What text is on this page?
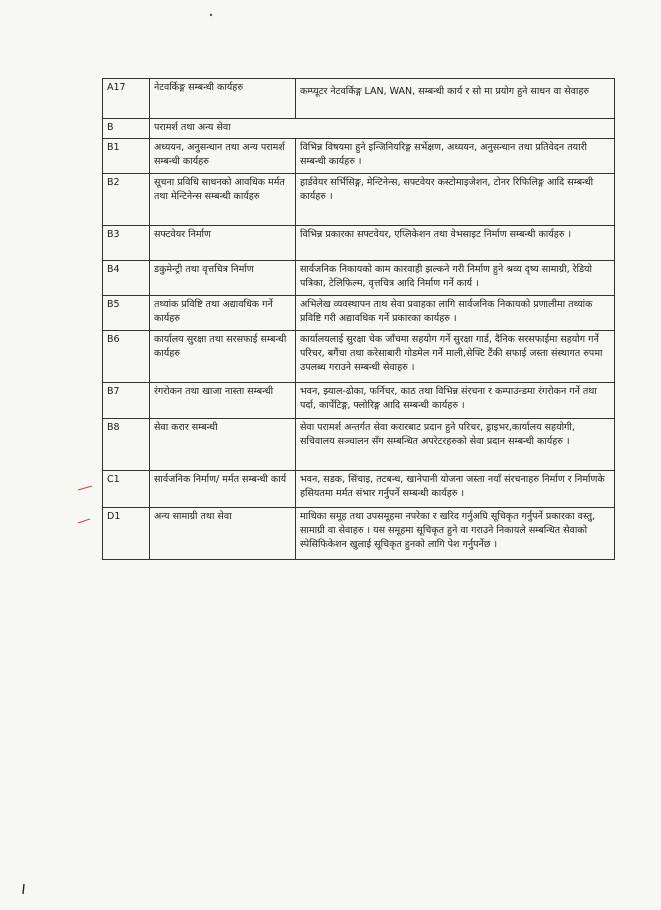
A17	नेटवर्किङ्ग सम्बन्धी कार्यहरु	कम्प्यूटर नेटवर्किङ्ग LAN, WAN, सम्बन्धी कार्य र सो मा प्रयोग हुने साधन वा सेवाहरु
B	परामर्श तथा अन्य सेवा	
B1	अध्ययन, अनुसन्धान तथा अन्य परामर्श सम्बन्धी कार्यहरु	विभिन्न विषयमा हुने इन्जिनियरिङ्ग सर्भेक्षण, अध्ययन, अनुसन्धान तथा प्रतिवेदन तयारी सम्बन्धी कार्यहरु ।
B2	सूचना प्रविधि साधनको आवधिक मर्मत तथा मेन्टिनेन्स सम्बन्धी कार्यहरु	हार्डवेयर सर्भिसिङ्ग, मेन्टिनेन्स, सफ्टवेयर कस्टोमाइजेशन, टोनर रिफिलिङ्ग आदि सम्बन्धी कार्यहरु ।
B3	सफ्टवेयर निर्माण	विभिन्न प्रकारका सफ्टवेयर, एप्लिकेशन तथा वेभसाइट निर्माण सम्बन्धी कार्यहरु ।
B4	डकुमेन्ट्री तथा वृत्तचित्र निर्माण	सार्वजनिक निकायको काम कारवाही झल्कने गरी निर्माण हुने श्रव्य दृष्य सामाग्री, रेडियो पत्रिका, टेलिफिल्म, वृत्तचित्र आदि निर्माण गर्ने कार्य ।
B5	तथ्यांक प्रविष्टि तथा अद्यावधिक गर्ने कार्यहरु	अभिलेख व्यवस्थापन ताथ सेवा प्रवाहका लागि सार्वजनिक निकायको प्रणालीमा तथ्यांक प्रविष्टि गरी अद्यावधिक गर्ने प्रकारका कार्यहरु ।
B6	कार्यालय सुरक्षा तथा सरसफाई सम्बन्धी कार्यहरु	कार्यालयलाई सुरक्षा चेक जाँचमा सहयोग गर्ने सुरक्षा गार्ड, दैनिक सरसफाईमा सहयोग गर्ने परिचर, बगैंचा तथा करेसाबारी गोडमेल गर्ने माली,सेफ्टि टैंकी सफाई जस्ता संस्थागत रुपमा उपलब्ध गराउने सम्बन्धी सेवाहरु ।
B7	रंगरोकन तथा खाजा नास्ता सम्बन्धी	भवन, झ्याल-ढोका, फर्निचर, काठ तथा विभिन्न संरचना र कम्पाउन्डमा रंगरोकन गर्ने तथा पर्दा, कार्पेटिङ्ग, फ्लोरिङ्ग आदि सम्बन्धी कार्यहरु ।
B8	सेवा करार सम्बन्धी	सेवा परामर्श अन्तर्गत सेवा करारबाट प्रदान हुने परिचर, ड्राइभर,कार्यालय सहयोगी, सचिवालय सञ्चालन सँग सम्बन्धित अपरेटरहरुको सेवा प्रदान सम्बन्धी कार्यहरु ।
C1	सार्वजनिक निर्माण/ मर्मत सम्बन्धी कार्य	भवन, सडक, सिंचाइ, तटबन्ध, खानेपानी योजना जस्ता नयाँ संरचनाहरु निर्माण र निर्माणके हसियतमा मर्मत संभार गर्नुपर्ने सम्बन्धी कार्यहरु ।
D1	अन्य सामाग्री तथा सेवा	माथिका समूह तथा उपसमूहमा नपरेका र खरिद गर्नुअघि सूचिकृत गर्नुपर्ने प्रकारका वस्तु, सामाग्री वा सेवाहरु । यस समूहमा सूचिकृत हुने वा गराउने निकायले सम्बन्धित सेवाको स्पेसिफिकेशन खुलाई सूचिकृत हुनको लागि पेश गर्नुपर्नेछ ।
